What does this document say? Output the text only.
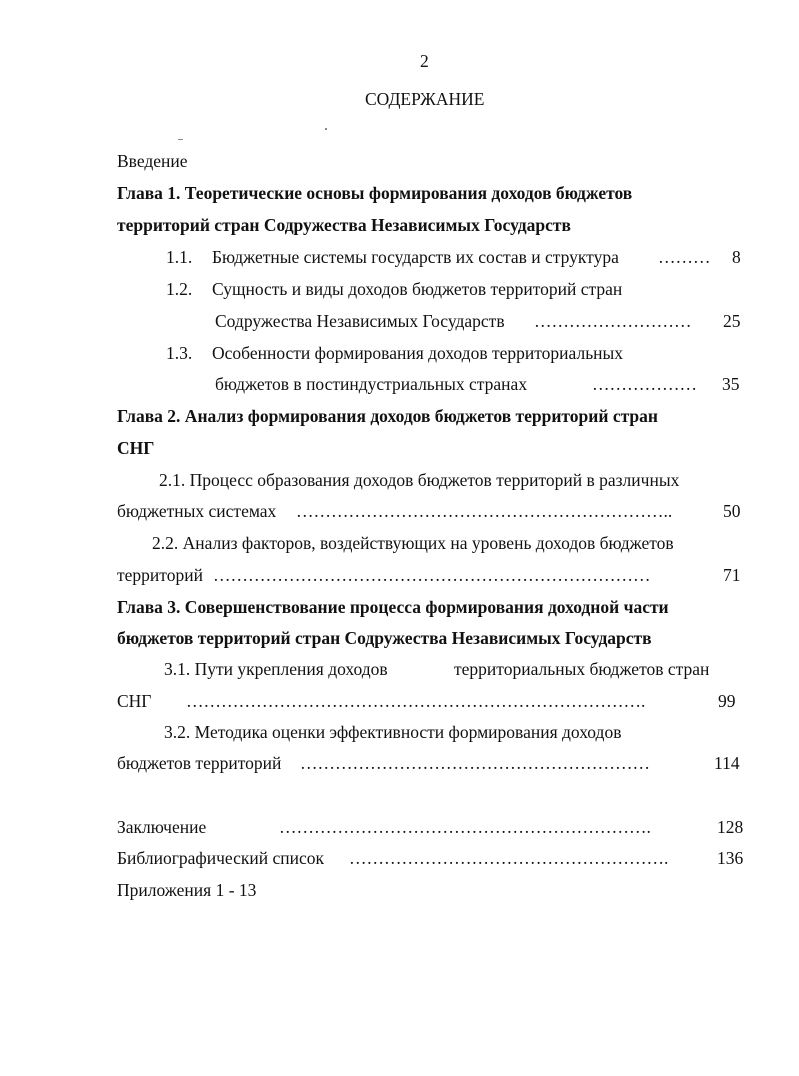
2
СОДЕРЖАНИЕ
Введение
Глава 1. Теоретические основы формирования доходов бюджетов
территорий стран Содружества Независимых Государств
1.1. Бюджетные системы государств их состав и структура ……… 8
1.2. Сущность и виды доходов бюджетов территорий стран
Содружества Независимых Государств ……………………… 25
1.3. Особенности формирования доходов территориальных
бюджетов в постиндустриальных странах	……………… 35
Глава 2. Анализ формирования доходов бюджетов территорий стран
СНГ
2.1. Процесс образования доходов бюджетов территорий в различных
бюджетных системах ………………………………………………………..	50
2.2. Анализ факторов, воздействующих на уровень доходов бюджетов
территорий …………………………………………………………………	71
Глава 3. Совершенствование процесса формирования доходной части
бюджетов территорий стран Содружества Независимых Государств
3.1. Пути укрепления доходов	территориальных бюджетов стран
СНГ …………………………………………………………………….	99
3.2. Методика оценки эффективности формирования доходов
бюджетов территорий ……………………………………………………	114
Заключение	……………………………………………………….	128
Библиографический список ……………………………………………….	136
Приложения 1 - 13
